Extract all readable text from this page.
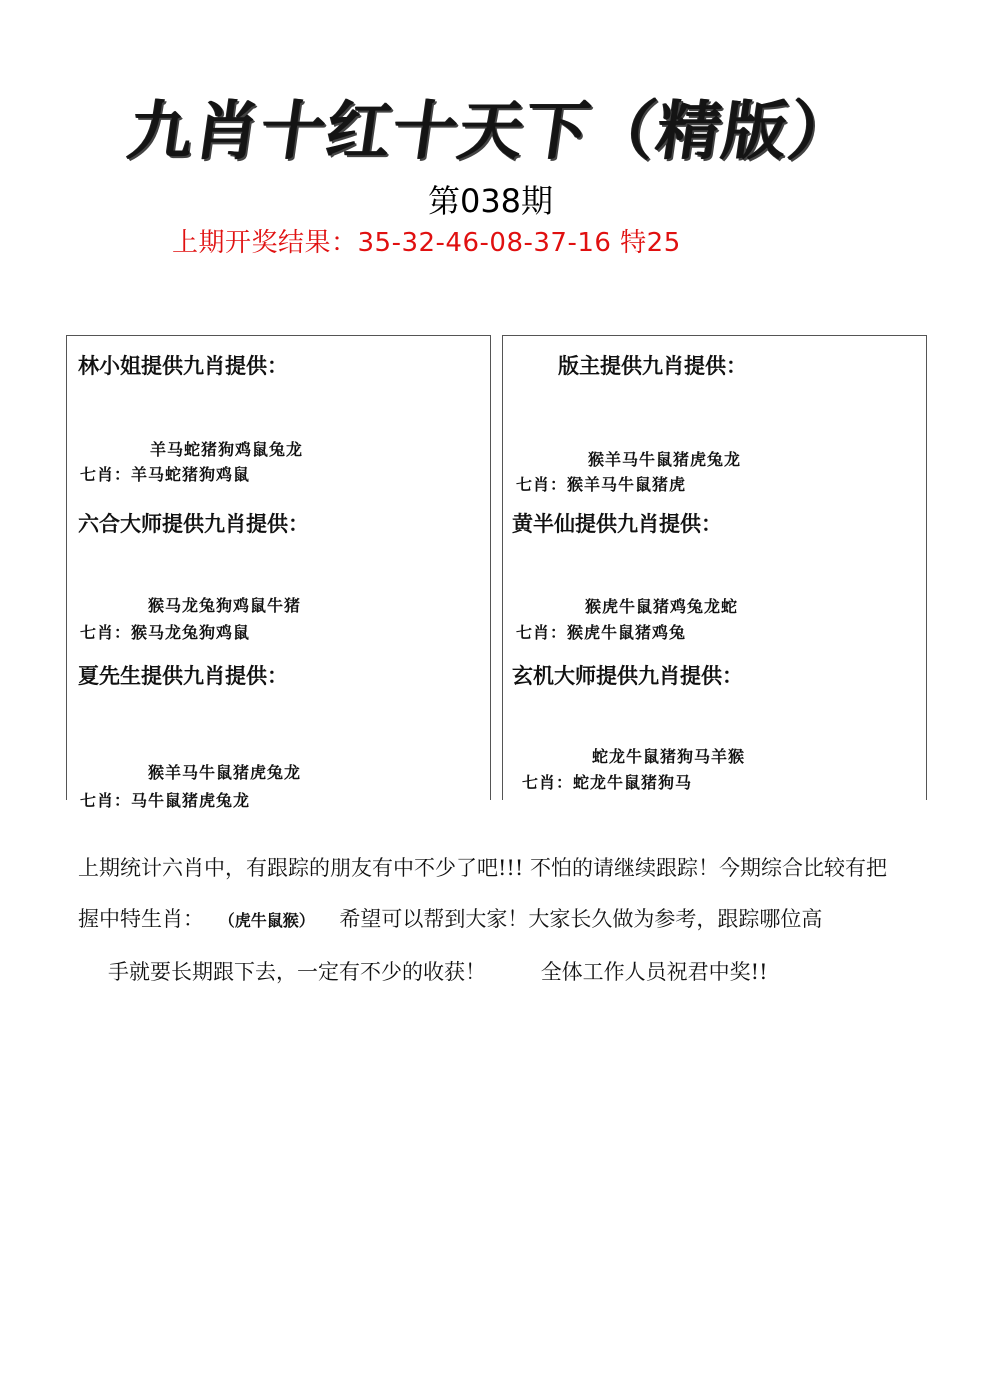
九肖十红十天下（精版）
第038期
上期开奖结果：35-32-46-08-37-16 特25
林小姐提供九肖提供：
羊马蛇猪狗鸡鼠兔龙
七肖：羊马蛇猪狗鸡鼠
六合大师提供九肖提供：
猴马龙兔狗鸡鼠牛猪
七肖：猴马龙兔狗鸡鼠
夏先生提供九肖提供：
猴羊马牛鼠猪虎兔龙
七肖：马牛鼠猪虎兔龙
版主提供九肖提供：
猴羊马牛鼠猪虎兔龙
七肖：猴羊马牛鼠猪虎
黄半仙提供九肖提供：
猴虎牛鼠猪鸡兔龙蛇
七肖：猴虎牛鼠猪鸡兔
玄机大师提供九肖提供：
蛇龙牛鼠猪狗马羊猴
七肖：蛇龙牛鼠猪狗马
上期统计六肖中，有跟踪的朋友有中不少了吧!!! 不怕的请继续跟踪！今期综合比较有把
握中特生肖： （虎牛鼠猴） 希望可以帮到大家！大家长久做为参考，跟踪哪位高
手就要长期跟下去，一定有不少的收获！	全体工作人员祝君中奖!!
